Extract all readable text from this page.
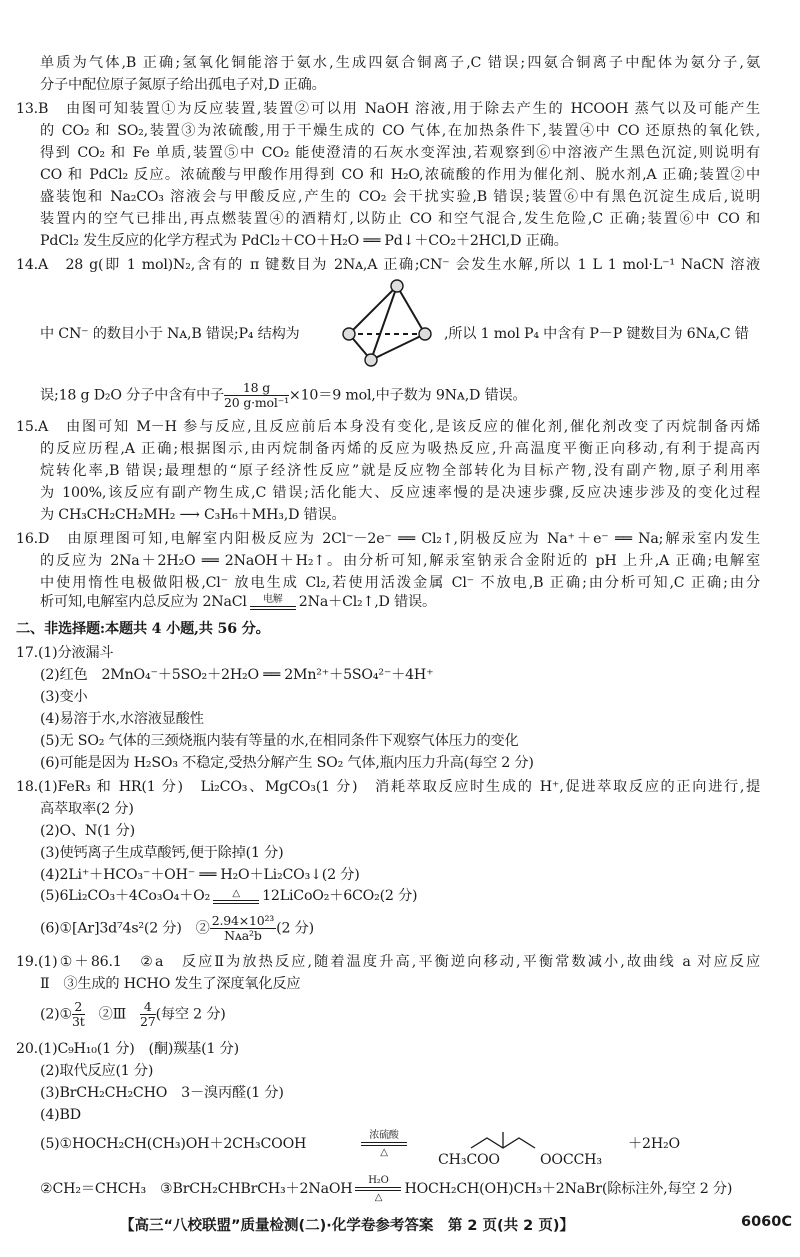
单质为气体,B 正确;氢氧化铜能溶于氨水,生成四氨合铜离子,C 错误;四氨合铜离子中配体为氨分子,氨
分子中配位原子氮原子给出孤电子对,D 正确。
13.B　由图可知装置①为反应装置,装置②可以用 NaOH 溶液,用于除去产生的 HCOOH 蒸气以及可能产生
的 CO₂ 和 SO₂,装置③为浓硫酸,用于干燥生成的 CO 气体,在加热条件下,装置④中 CO 还原热的氧化铁,
得到 CO₂ 和 Fe 单质,装置⑤中 CO₂ 能使澄清的石灰水变浑浊,若观察到⑥中溶液产生黑色沉淀,则说明有
CO 和 PdCl₂ 反应。浓硫酸与甲酸作用得到 CO 和 H₂O,浓硫酸的作用为催化剂、脱水剂,A 正确;装置②中
盛装饱和 Na₂CO₃ 溶液会与甲酸反应,产生的 CO₂ 会干扰实验,B 错误;装置⑥中有黑色沉淀生成后,说明
装置内的空气已排出,再点燃装置④的酒精灯,以防止 CO 和空气混合,发生危险,C 正确;装置⑥中 CO 和
PdCl₂ 发生反应的化学方程式为 PdCl₂＋CO＋H₂O ══ Pd↓＋CO₂＋2HCl,D 正确。
14.A　28 g(即 1 mol)N₂,含有的 π 键数目为 2Nᴀ,A 正确;CN⁻ 会发生水解,所以 1 L 1 mol·L⁻¹ NaCN 溶液
中 CN⁻ 的数目小于 Nᴀ,B 错误;P₄ 结构为	,所以 1 mol P₄ 中含有 P－P 键数目为 6Nᴀ,C 错
误;18 g D₂O 分子中含有中子	18 g
20 g·mol⁻¹ ×10＝9 mol,中子数为 9Nᴀ,D 错误。
15.A　由图可知 M－H 参与反应,且反应前后本身没有变化,是该反应的催化剂,催化剂改变了丙烷制备丙烯
的反应历程,A 正确;根据图示,由丙烷制备丙烯的反应为吸热反应,升高温度平衡正向移动,有利于提高丙
烷转化率,B 错误;最理想的“原子经济性反应”就是反应物全部转化为目标产物,没有副产物,原子利用率
为 100%,该反应有副产物生成,C 错误;活化能大、反应速率慢的是决速步骤,反应决速步涉及的变化过程
为 CH₃CH₂CH₂MH₂ ⟶ C₃H₆＋MH₃,D 错误。
16.D　由原理图可知,电解室内阳极反应为 2Cl⁻－2e⁻ ══ Cl₂↑,阴极反应为 Na⁺＋e⁻ ══ Na;解汞室内发生
的反应为 2Na＋2H₂O ══ 2NaOH＋H₂↑。由分析可知,解汞室钠汞合金附近的 pH 上升,A 正确;电解室
中使用惰性电极做阳极,Cl⁻ 放电生成 Cl₂,若使用活泼金属 Cl⁻ 不放电,B 正确;由分析可知,C 正确;由分
析可知,电解室内总反应为 2NaCl 电解 2Na＋Cl₂↑,D 错误。
二、非选择题:本题共 4 小题,共 56 分。
17.(1)分液漏斗
(2)红色　2MnO₄⁻＋5SO₂＋2H₂O ══ 2Mn²⁺＋5SO₄²⁻＋4H⁺
(3)变小
(4)易溶于水,水溶液显酸性
(5)无 SO₂ 气体的三颈烧瓶内装有等量的水,在相同条件下观察气体压力的变化
(6)可能是因为 H₂SO₃ 不稳定,受热分解产生 SO₂ 气体,瓶内压力升高(每空 2 分)
18.(1)FeR₃ 和 HR(1 分)　Li₂CO₃、MgCO₃(1 分)　消耗萃取反应时生成的 H⁺,促进萃取反应的正向进行,提
高萃取率(2 分)
(2)O、N(1 分)
(3)使钙离子生成草酸钙,便于除掉(1 分)
(4)2Li⁺＋HCO₃⁻＋OH⁻ ══ H₂O＋Li₂CO₃↓(2 分)
(5)6Li₂CO₃＋4Co₃O₄＋O₂ △ 12LiCoO₂＋6CO₂(2 分)
(6)①[Ar]3d⁷4s²(2 分)　② 2.94×10²³
Nᴀa²b	(2 分)
19.(1)①＋86.1　②a　反应Ⅱ为放热反应,随着温度升高,平衡逆向移动,平衡常数减小,故曲线 a 对应反应
Ⅱ　③生成的 HCHO 发生了深度氧化反应
(2)① $\frac{2}{3t}$ 　②Ⅲ　 $\frac{4}{27}$ (每空 2 分)
20.(1)C₉H₁₀(1 分)　(酮)羰基(1 分)
(2)取代反应(1 分)
(3)BrCH₂CH₂CHO　3－溴丙醛(1 分)
(4)BD
(5)①HOCH₂CH(CH₃)OH＋2CH₃COOH
浓硫酸
△	CH₃COO	OOCCH₃
＋2H₂O
②CH₂＝CHCH₃　③BrCH₂CHBrCH₃＋2NaOHH₂O
△HOCH₂CH(OH)CH₃＋2NaBr(除标注外,每空 2 分)
【高三“八校联盟”质量检测(二)·化学卷参考答案　第 2 页(共 2 页)】	6060C
